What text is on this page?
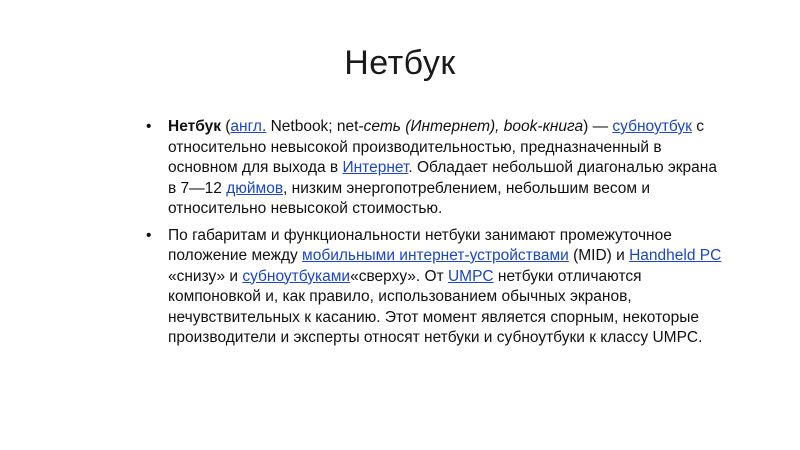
Нетбук
• Нетбук (англ. Netbook; net-сеть (Интернет), book-книга) — субноутбук с относительно невысокой производительностью, предназначенный в основном для выхода в Интернет. Обладает небольшой диагональю экрана в 7—12 дюймов, низким энергопотреблением, небольшим весом и относительно невысокой стоимостью.
• По габаритам и функциональности нетбуки занимают промежуточное положение между мобильными интернет-устройствами (MID) и Handheld PC «снизу» и субноутбуками«сверху». От UMPC нетбуки отличаются компоновкой и, как правило, использованием обычных экранов, нечувствительных к касанию. Этот момент является спорным, некоторые производители и эксперты относят нетбуки и субноутбуки к классу UMPC.
